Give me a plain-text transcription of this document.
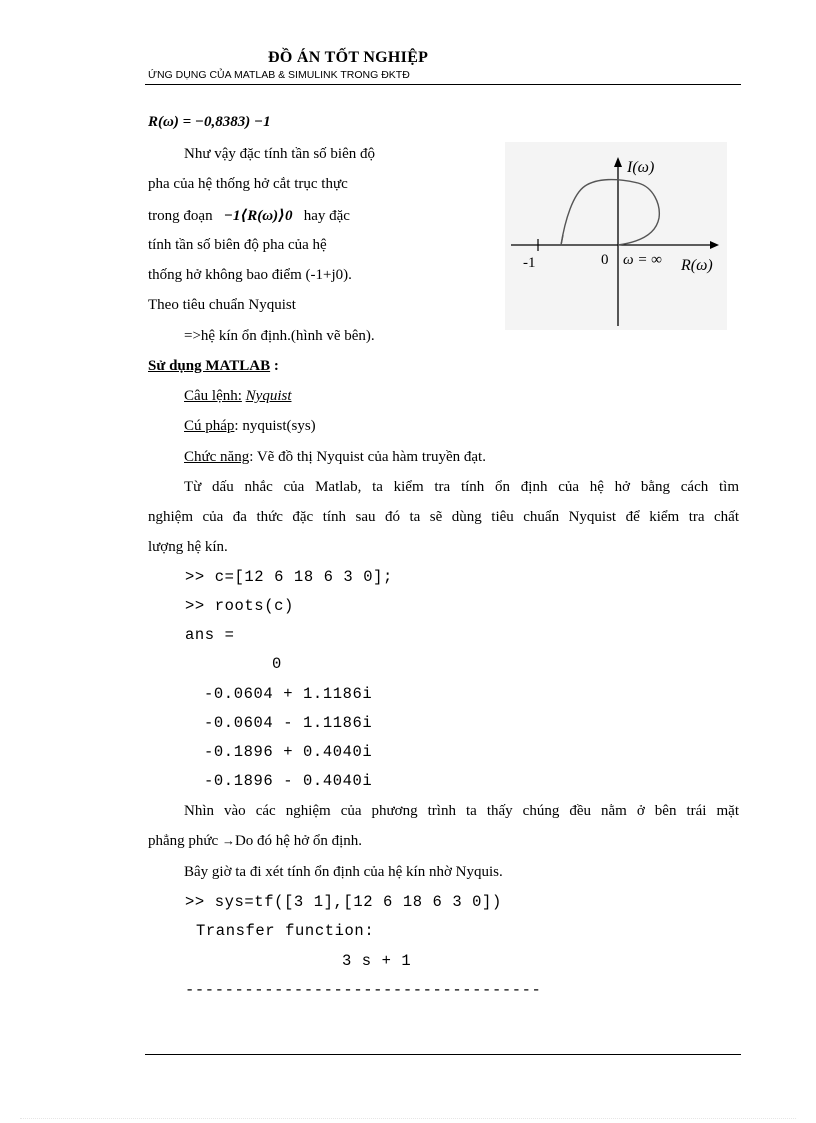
ĐỒ ÁN TỐT NGHIỆP
ỨNG DỤNG CỦA MATLAB & SIMULINK TRONG ĐKTĐ
R(ω) = −0,8383) −1
Như vậy đặc tính tần số biên độ
pha của hệ thống hở cắt trục thực
trong đoạn −1⟨R(ω)⟩0 hay đặc
tính tần số biên độ pha của hệ
thống hở không bao điểm (-1+j0).
Theo tiêu chuẩn Nyquist
=>hệ kín ổn định.(hình vẽ bên).
I(ω)
R(ω)
-1	0 ω = ∞
Sử dụng MATLAB :
Câu lệnh: Nyquist
Cú pháp: nyquist(sys)
Chức năng: Vẽ đồ thị Nyquist của hàm truyền đạt.
Từ dấu nhắc của Matlab, ta kiểm tra tính ổn định của hệ hở bằng cách tìm
nghiệm của đa thức đặc tính sau đó ta sẽ dùng tiêu chuẩn Nyquist để kiểm tra chất
lượng hệ kín.
>> c=[12 6 18 6 3 0];
>> roots(c)
ans =
0
-0.0604 + 1.1186i
-0.0604 - 1.1186i
-0.1896 + 0.4040i
-0.1896 - 0.4040i
Nhìn vào các nghiệm của phương trình ta thấy chúng đều nằm ở bên trái mặt
phẳng phức →Do đó hệ hở ổn định.
Bây giờ ta đi xét tính ổn định của hệ kín nhờ Nyquis.
>> sys=tf([3 1],[12 6 18 6 3 0])
Transfer function:
3 s + 1
------------------------------------
